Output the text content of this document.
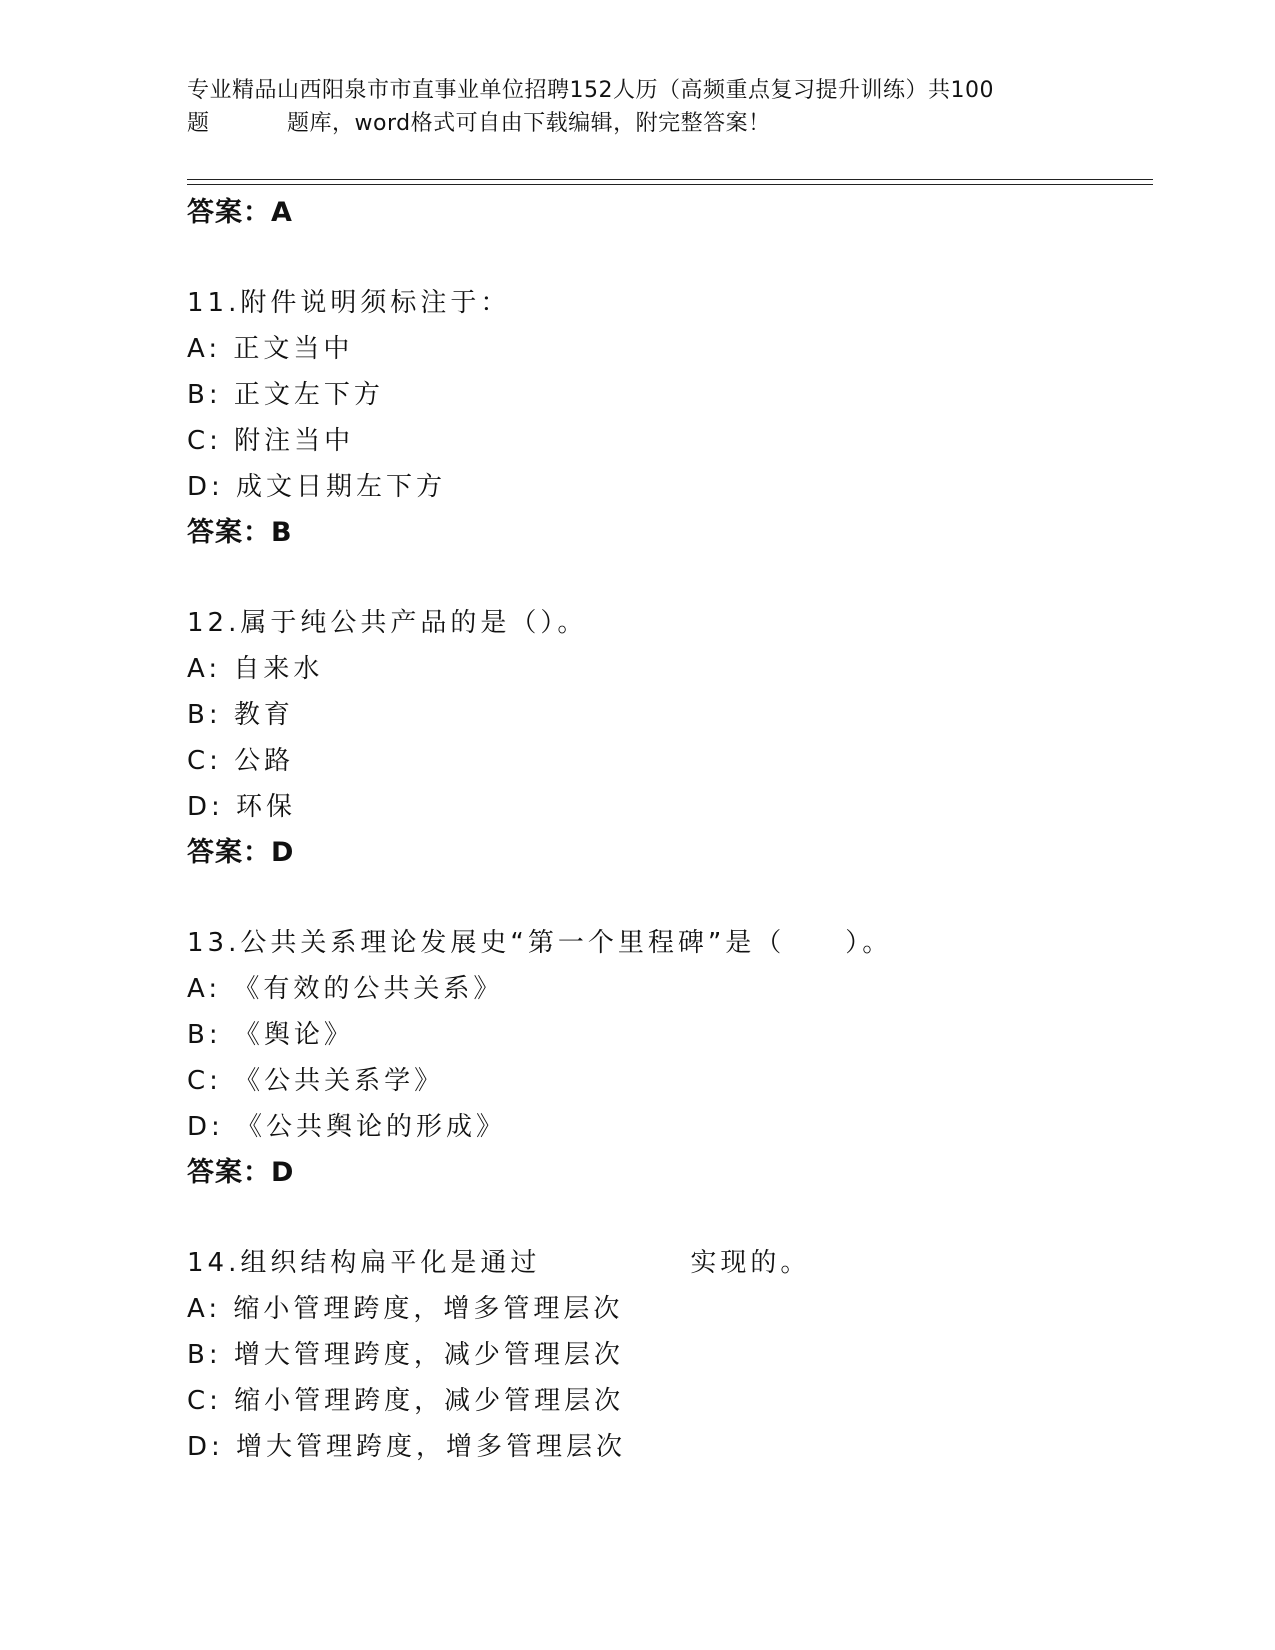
专业精品山西阳泉市市直事业单位招聘152人历（高频重点复习提升训练）共100
题	题库，word格式可自由下载编辑，附完整答案！
答案：A
11.附件说明须标注于：
A: 正文当中
B: 正文左下方
C: 附注当中
D: 成文日期左下方
答案：B
12.属于纯公共产品的是（）。
A: 自来水
B: 教育
C: 公路
D: 环保
答案：D
13.公共关系理论发展史“第一个里程碑”是（　　）。
A: 《有效的公共关系》
B: 《舆论》
C: 《公共关系学》
D: 《公共舆论的形成》
答案：D
14.组织结构扁平化是通过　　　　　实现的。
A: 缩小管理跨度，增多管理层次
B: 增大管理跨度，减少管理层次
C: 缩小管理跨度，减少管理层次
D: 增大管理跨度，增多管理层次
